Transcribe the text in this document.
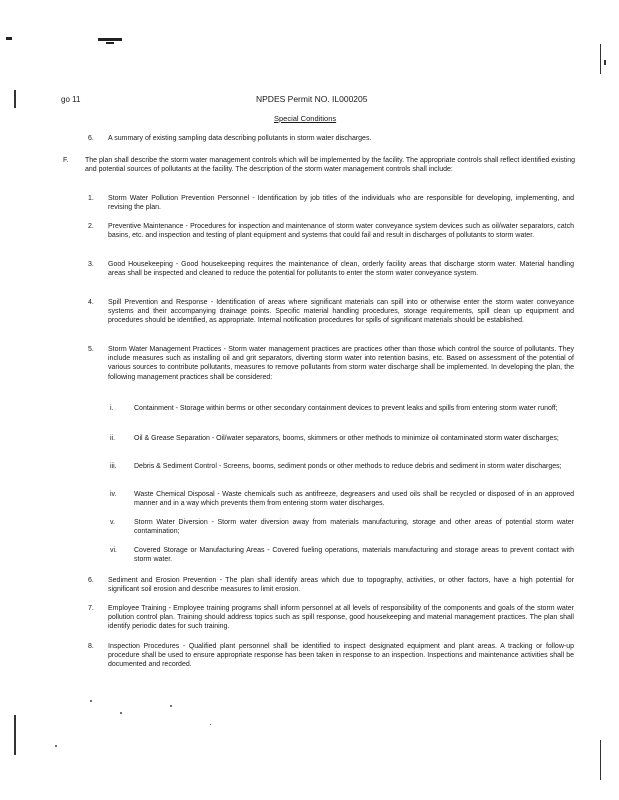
go 11	NPDES Permit NO. IL000205
Special Conditions
6. A summary of existing sampling data describing pollutants in storm water discharges.
F. The plan shall describe the storm water management controls which will be implemented by the facility. The appropriate controls shall reflect identified existing and potential sources of pollutants at the facility. The description of the storm water management controls shall include:
1. Storm Water Pollution Prevention Personnel - Identification by job titles of the individuals who are responsible for developing, implementing, and revising the plan.
2. Preventive Maintenance - Procedures for inspection and maintenance of storm water conveyance system devices such as oil/water separators, catch basins, etc. and inspection and testing of plant equipment and systems that could fail and result in discharges of pollutants to storm water.
3. Good Housekeeping - Good housekeeping requires the maintenance of clean, orderly facility areas that discharge storm water. Material handling areas shall be inspected and cleaned to reduce the potential for pollutants to enter the storm water conveyance system.
4. Spill Prevention and Response - Identification of areas where significant materials can spill into or otherwise enter the storm water conveyance systems and their accompanying drainage points. Specific material handling procedures, storage requirements, spill clean up equipment and procedures should be identified, as appropriate. Internal notification procedures for spills of significant materials should be established.
5. Storm Water Management Practices - Storm water management practices are practices other than those which control the source of pollutants. They include measures such as installing oil and grit separators, diverting storm water into retention basins, etc. Based on assessment of the potential of various sources to contribute pollutants, measures to remove pollutants from storm water discharge shall be implemented. In developing the plan, the following management practices shall be considered:
i.	Containment - Storage within berms or other secondary containment devices to prevent leaks and spills from entering storm water runoff;
ii.	Oil & Grease Separation - Oil/water separators, booms, skimmers or other methods to minimize oil contaminated storm water discharges;
iii. Debris & Sediment Control - Screens, booms, sediment ponds or other methods to reduce debris and sediment in storm water discharges;
iv.	Waste Chemical Disposal - Waste chemicals such as antifreeze, degreasers and used oils shall be recycled or disposed of in an approved manner and in a way which prevents them from entering storm water discharges.
v.	Storm Water Diversion - Storm water diversion away from materials manufacturing, storage and other areas of potential storm water contamination;
vi. Covered Storage or Manufacturing Areas - Covered fueling operations, materials manufacturing and storage areas to prevent contact with storm water.
6. Sediment and Erosion Prevention - The plan shall identify areas which due to topography, activities, or other factors, have a high potential for significant soil erosion and describe measures to limit erosion.
7. Employee Training - Employee training programs shall inform personnel at all levels of responsibility of the components and goals of the storm water pollution control plan. Training should address topics such as spill response, good housekeeping and material management practices. The plan shall identify periodic dates for such training.
8. Inspection Procedures - Qualified plant personnel shall be identified to inspect designated equipment and plant areas. A tracking or follow-up procedure shall be used to ensure appropriate response has been taken in response to an inspection. Inspections and maintenance activities shall be documented and recorded.
